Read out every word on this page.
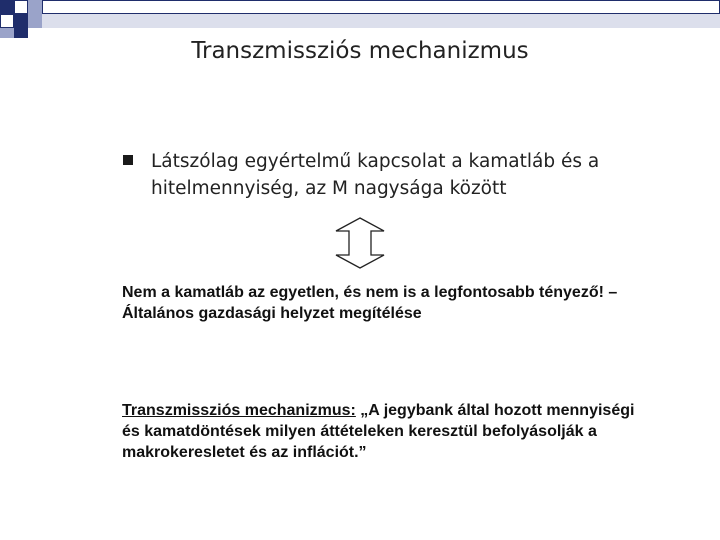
Transzmissziós mechanizmus
Látszólag egyértelmű kapcsolat a kamatláb és a hitelmennyiség, az M nagysága között
Nem a kamatláb az egyetlen, és nem is a legfontosabb tényező! – Általános gazdasági helyzet megítélése
Transzmissziós mechanizmus: „A jegybank által hozott mennyiségi és kamatdöntések milyen áttételeken keresztül befolyásolják a makrokeresletet és az inflációt.”
